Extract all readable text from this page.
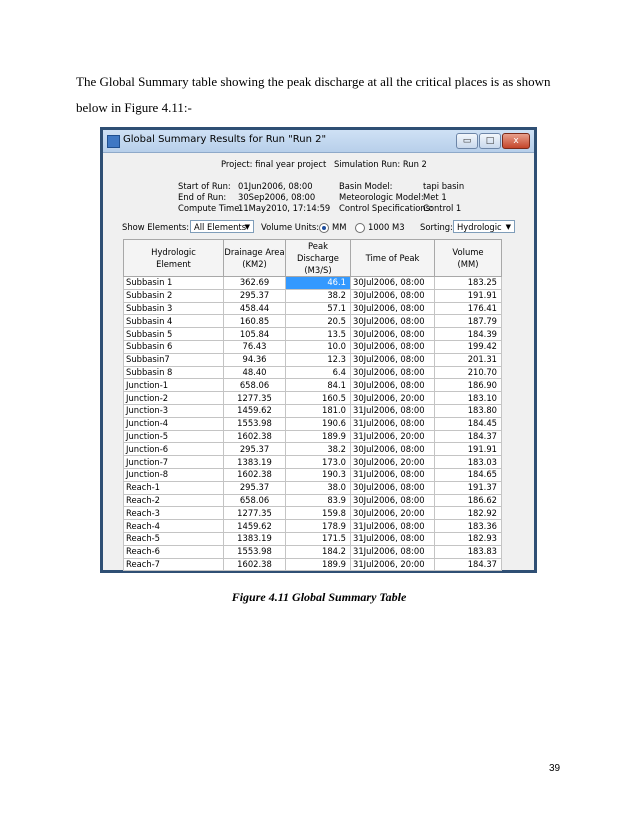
The Global Summary table showing the peak discharge at all the critical places is as shown

below in Figure 4.11:-

Global Summary Results for Run "Run 2"	▭	□	x
Project: final year project Simulation Run: Run 2
Start of Run: 01Jun2006, 08:00
End of Run: 30Sep2006, 08:00
Compute Time:
11May2010, 17:14:59
Basin Model:	tapi basin
Meteorologic Model: Met 1
Control Specifications:
Control 1
Show Elements: All Elements
▼ Volume Units: MM	1000 M3 Sorting: Hydrologic ▼
Hydrologic
Element	Drainage Area
(KM2)	Peak Discharge
(M3/S)	Time of Peak	Volume
(MM)
Subbasin 1	362.69	46.1	30Jul2006, 08:00	183.25
Subbasin 2	295.37	38.2	30Jul2006, 08:00	191.91
Subbasin 3	458.44	57.1	30Jul2006, 08:00	176.41
Subbasin 4	160.85	20.5	30Jul2006, 08:00	187.79
Subbasin 5	105.84	13.5	30Jul2006, 08:00	184.39
Subbasin 6	76.43	10.0	30Jul2006, 08:00	199.42
Subbasin7	94.36	12.3	30Jul2006, 08:00	201.31
Subbasin 8	48.40	6.4	30Jul2006, 08:00	210.70
Junction-1	658.06	84.1	30Jul2006, 08:00	186.90
Junction-2	1277.35	160.5	30Jul2006, 20:00	183.10
Junction-3	1459.62	181.0	31Jul2006, 08:00	183.80
Junction-4	1553.98	190.6	31Jul2006, 08:00	184.45
Junction-5	1602.38	189.9	31Jul2006, 20:00	184.37
Junction-6	295.37	38.2	30Jul2006, 08:00	191.91
Junction-7	1383.19	173.0	30Jul2006, 20:00	183.03
Junction-8	1602.38	190.3	31Jul2006, 08:00	184.65
Reach-1	295.37	38.0	30Jul2006, 08:00	191.37
Reach-2	658.06	83.9	30Jul2006, 08:00	186.62
Reach-3	1277.35	159.8	30Jul2006, 20:00	182.92
Reach-4	1459.62	178.9	31Jul2006, 08:00	183.36
Reach-5	1383.19	171.5	31Jul2006, 08:00	182.93
Reach-6	1553.98	184.2	31Jul2006, 08:00	183.83
Reach-7	1602.38	189.9	31Jul2006, 20:00	184.37
Figure 4.11 Global Summary Table
39
